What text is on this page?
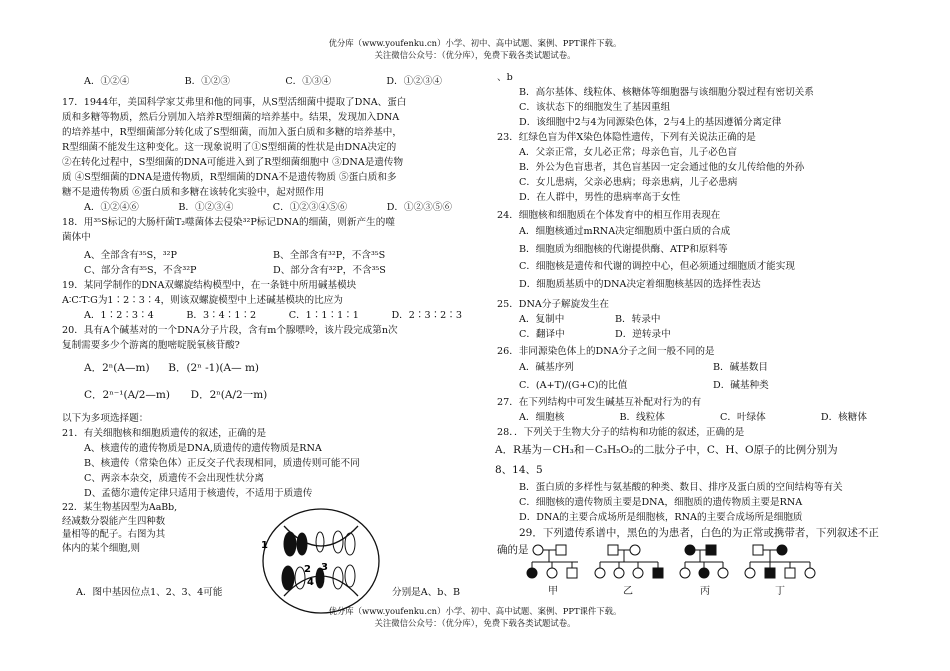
优分库（www.youfenku.cn）小学、初中、高中试题、案例、PPT课件下载。
关注微信公众号：（优分库），免费下载各类试题试卷。
A．①②④	B．①②③	C．①③④	D．①②③④

17．1944年，美国科学家艾弗里和他的同事，从S型活细菌中提取了DNA、蛋白

质和多糖等物质，然后分别加入培养R型细菌的培养基中。结果，发现加入DNA

的培养基中，R型细菌部分转化成了S型细菌，而加入蛋白质和多糖的培养基中，

R型细菌不能发生这种变化。这一现象说明了①S型细菌的性状是由DNA决定的

②在转化过程中，S型细菌的DNA可能进入到了R型细菌细胞中 ③DNA是遗传物

质 ④S型细菌的DNA是遗传物质，R型细菌的DNA不是遗传物质 ⑤蛋白质和多

糖不是遗传物质 ⑥蛋白质和多糖在该转化实验中，起对照作用

A．①②④⑥	B．①②③④	C．①②③④⑤⑥	D．①②③⑤⑥

18．用³⁵S标记的大肠杆菌T₂噬菌体去侵染³²P标记DNA的细菌，则新产生的噬

菌体中

A、全部含有³⁵S，³²P	B、全部含有³²P，不含³⁵S
C、部分含有³⁵S，不含³²P	D、部分含有³²P，不含³⁵S

19．某同学制作的DNA双螺旋结构模型中，在一条链中所用碱基模块

A∶C∶T∶G为1∶2∶3∶4，则该双螺旋模型中上述碱基模块的比应为

A．1∶2∶3∶4	B．3∶4∶1∶2	C．1∶1∶1∶1	D．2∶3∶2∶3

20．具有A个碱基对的一个DNA分子片段，含有m个腺嘌呤，该片段完成第n次

复制需要多少个游离的胞嘧啶脱氧核苷酸?

A．2ⁿ(A—m) B．(2ⁿ -1)(A— m)
C．2ⁿ⁻¹(A/2—m) D．2ⁿ(A/2一m)

以下为多项选择题：

21．有关细胞核和细胞质遗传的叙述，正确的是

A、核遗传的遗传物质是DNA,质遗传的遗传物质是RNA

B、核遗传（常染色体）正反交子代表现相同，质遗传则可能不同

C、两亲本杂交，质遗传不会出现性状分离

D、孟德尔遗传定律只适用于核遗传，不适用于质遗传

22．某生物基因型为AaBb,

经减数分裂能产生四种数

量相等的配子。右图为其

体内的某个细胞,则

A．图中基因位点1、2、3、4可能	分别是A、b、B
1
2 3
4

、b

B．高尔基体、线粒体、核糖体等细胞器与该细胞分裂过程有密切关系

C．该状态下的细胞发生了基因重组

D．该细胞中2与4为同源染色体，2与4上的基因遵循分离定律

23．红绿色盲为伴X染色体隐性遗传，下列有关说法正确的是

A．父亲正常，女儿必正常；母亲色盲，儿子必色盲

B．外公为色盲患者，其色盲基因一定会通过他的女儿传给他的外孙

C．女儿患病，父亲必患病；母亲患病，儿子必患病

D．在人群中，男性的患病率高于女性

24．细胞核和细胞质在个体发育中的相互作用表现在

A．细胞核通过mRNA决定细胞质中蛋白质的合成

B．细胞质为细胞核的代谢提供酶、ATP和原料等

C．细胞核是遗传和代谢的调控中心，但必须通过细胞质才能实现

D．细胞质基质中的DNA决定着细胞核基因的选择性表达

25．DNA分子解旋发生在

A．复制中	B．转录中
C．翻译中	D．逆转录中

26．非同源染色体上的DNA分子之间一般不同的是

A．碱基序列	B．碱基数目
C．(A+T)/(G+C)的比值	D．碱基种类

27．在下列结构中可发生碱基互补配对行为的有

A．细胞核	B．线粒体	C．叶绿体	D．核糖体

28．．下列关于生物大分子的结构和功能的叙述，正确的是

A．R基为－CH₃和－C₃H₅O₂的二肽分子中，C、H、O原子的比例分别为

8、14、5

B．蛋白质的多样性与氨基酸的种类、数目、排序及蛋白质的空间结构等有关

C．细胞核的遗传物质主要是DNA，细胞质的遗传物质主要是RNA

D．DNA的主要合成场所是细胞核，RNA的主要合成场所是细胞质

29．下列遗传系谱中，黑色的为患者，白色的为正常或携带者，下列叙述不正

确的是

甲	乙	丙	丁
优分库（www.youfenku.cn）小学、初中、高中试题、案例、PPT课件下载。
关注微信公众号：（优分库），免费下载各类试题试卷。
